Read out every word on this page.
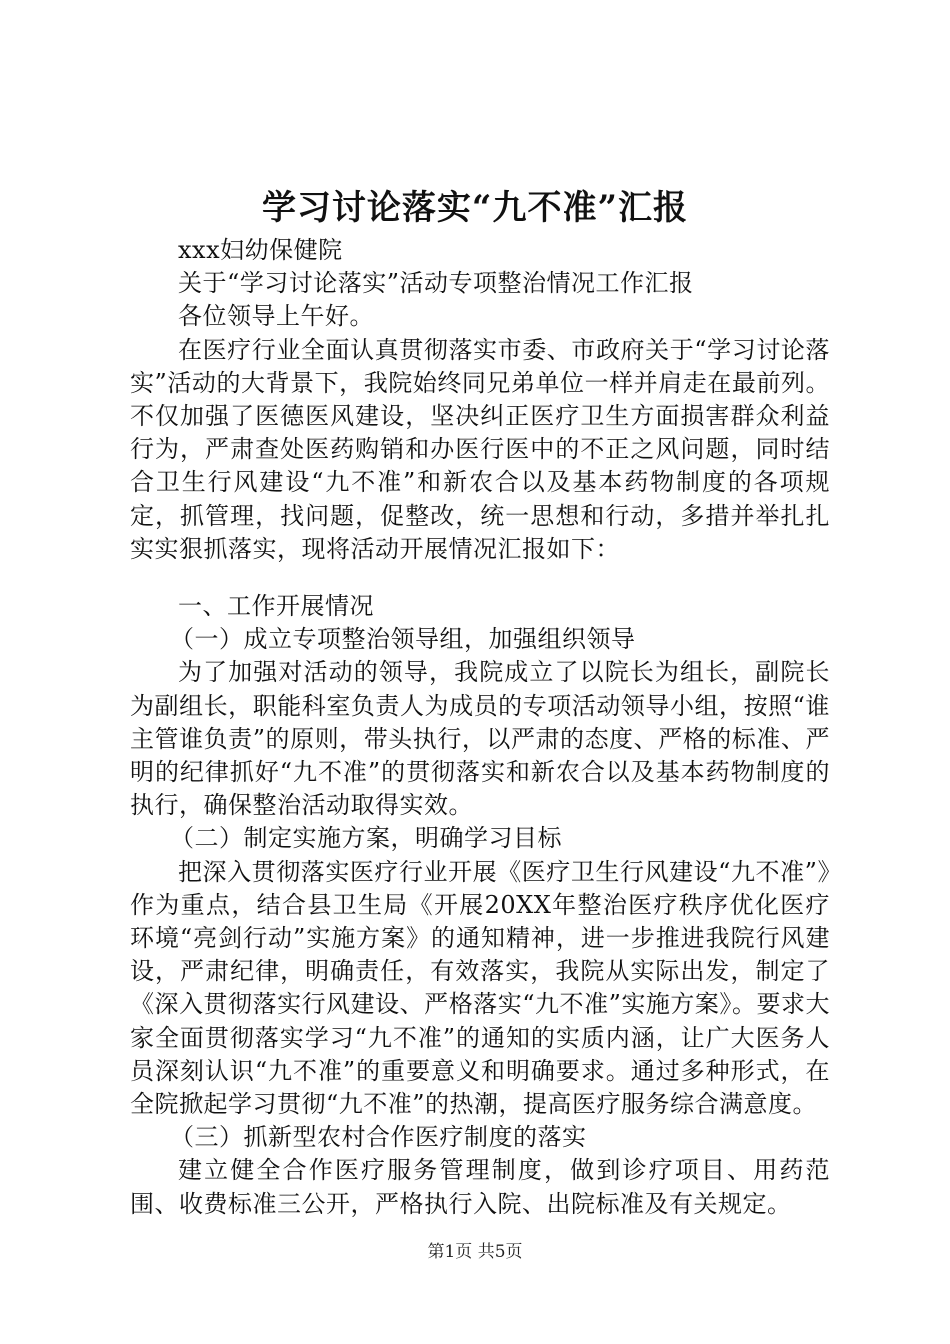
学习讨论落实“九不准”汇报

xxx妇幼保健院

关于“学习讨论落实”活动专项整治情况工作汇报

各位领导上午好。

在医疗行业全面认真贯彻落实市委、市政府关于“学习讨论落实”活动的大背景下，我院始终同兄弟单位一样并肩走在最前列。不仅加强了医德医风建设，坚决纠正医疗卫生方面损害群众利益行为，严肃查处医药购销和办医行医中的不正之风问题，同时结合卫生行风建设“九不准”和新农合以及基本药物制度的各项规定，抓管理，找问题，促整改，统一思想和行动，多措并举扎扎实实狠抓落实，现将活动开展情况汇报如下：

一、工作开展情况

（一）成立专项整治领导组，加强组织领导

为了加强对活动的领导，我院成立了以院长为组长，副院长为副组长，职能科室负责人为成员的专项活动领导小组，按照“谁主管谁负责”的原则，带头执行，以严肃的态度、严格的标准、严明的纪律抓好“九不准”的贯彻落实和新农合以及基本药物制度的执行，确保整治活动取得实效。

（二）制定实施方案，明确学习目标

把深入贯彻落实医疗行业开展《医疗卫生行风建设“九不准”》作为重点，结合县卫生局《开展20XX年整治医疗秩序优化医疗环境“亮剑行动”实施方案》的通知精神，进一步推进我院行风建设，严肃纪律，明确责任，有效落实，我院从实际出发，制定了《深入贯彻落实行风建设、严格落实“九不准”实施方案》。要求大家全面贯彻落实学习“九不准”的通知的实质内涵，让广大医务人员深刻认识“九不准”的重要意义和明确要求。通过多种形式，在全院掀起学习贯彻“九不准”的热潮，提高医疗服务综合满意度。

（三）抓新型农村合作医疗制度的落实

建立健全合作医疗服务管理制度，做到诊疗项目、用药范围、收费标准三公开，严格执行入院、出院标准及有关规定。

第1页 共5页
